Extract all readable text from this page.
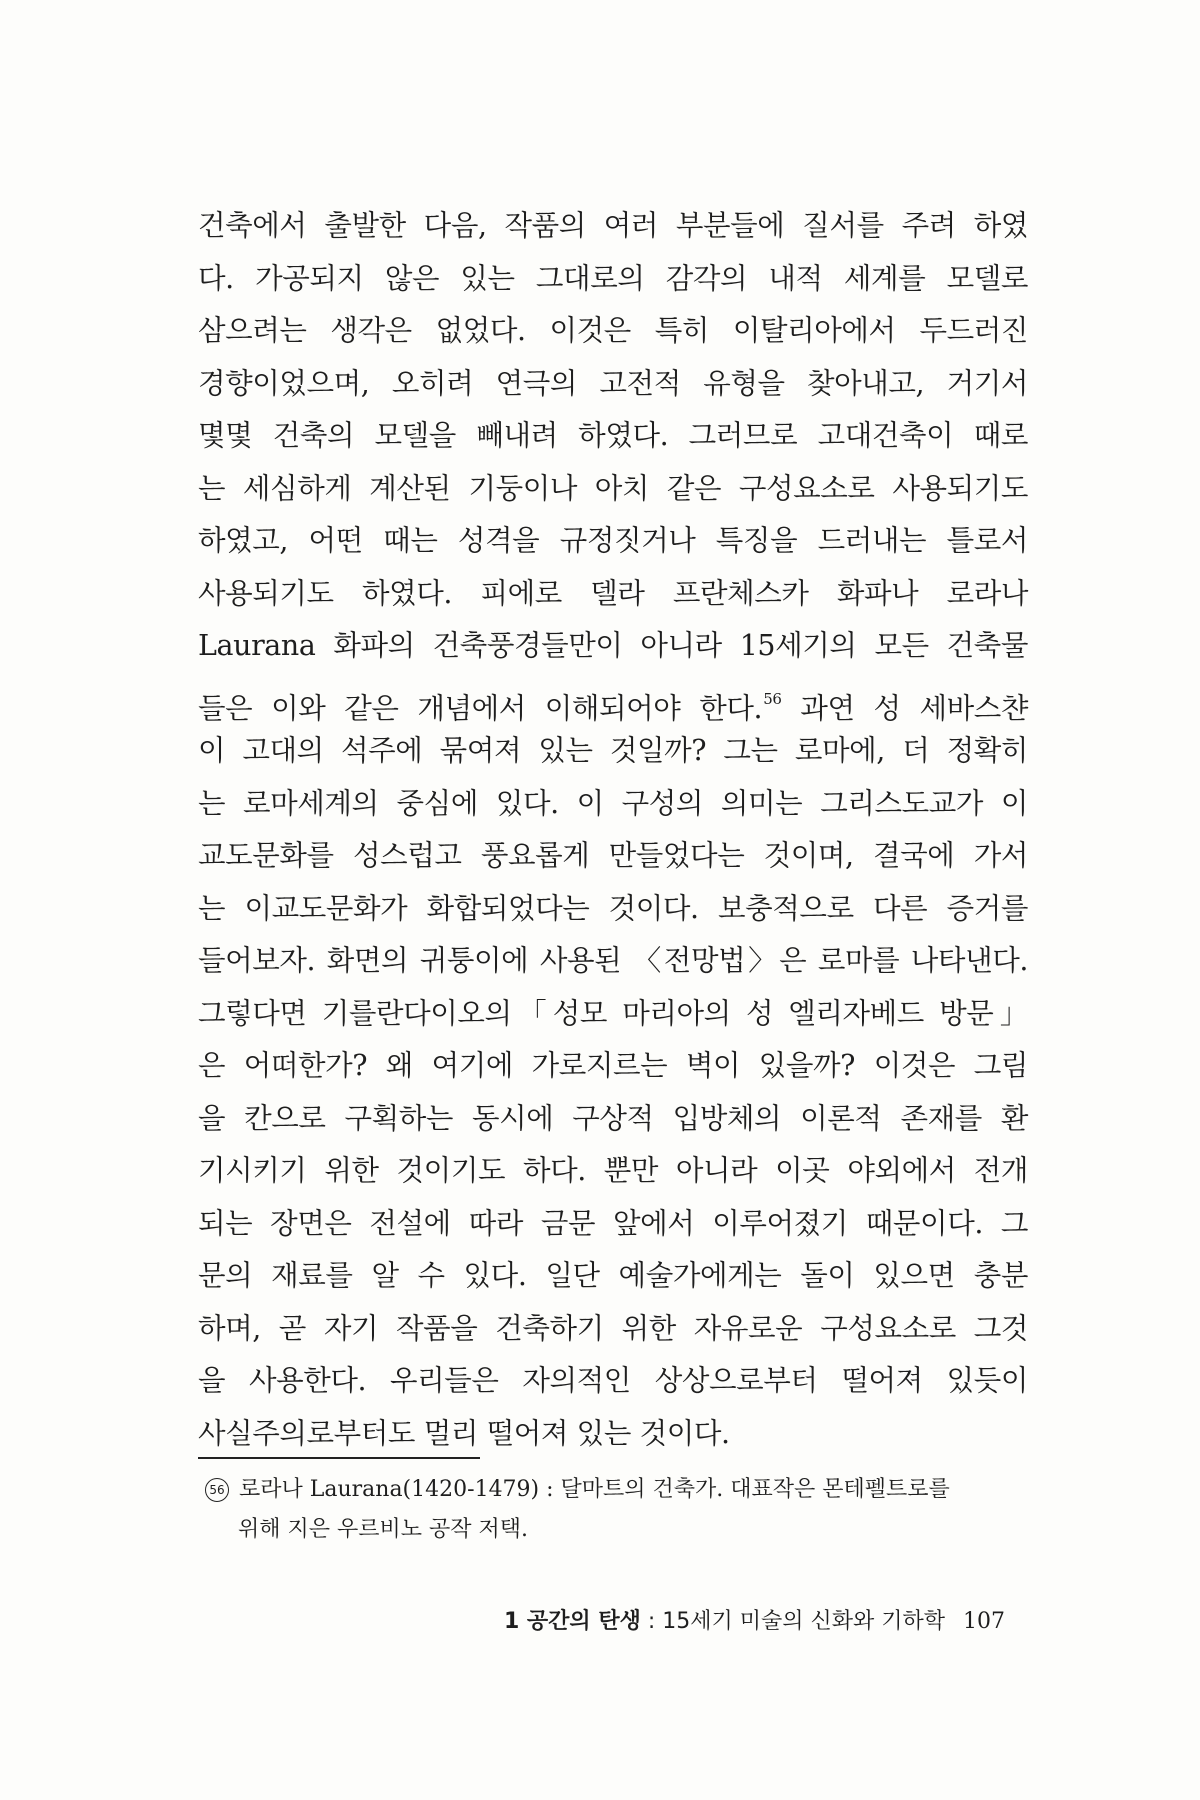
건축에서 출발한 다음, 작품의 여러 부분들에 질서를 주려 하였
다. 가공되지 않은 있는 그대로의 감각의 내적 세계를 모델로
삼으려는 생각은 없었다. 이것은 특히 이탈리아에서 두드러진
경향이었으며, 오히려 연극의 고전적 유형을 찾아내고, 거기서
몇몇 건축의 모델을 빼내려 하였다. 그러므로 고대건축이 때로
는 세심하게 계산된 기둥이나 아치 같은 구성요소로 사용되기도
하였고, 어떤 때는 성격을 규정짓거나 특징을 드러내는 틀로서
사용되기도 하였다. 피에로 델라 프란체스카 화파나 로라나
Laurana 화파의 건축풍경들만이 아니라 15세기의 모든 건축물
들은 이와 같은 개념에서 이해되어야 한다.$^{56}$ 과연 성 세바스챤
이 고대의 석주에 묶여져 있는 것일까? 그는 로마에, 더 정확히
는 로마세계의 중심에 있다. 이 구성의 의미는 그리스도교가 이
교도문화를 성스럽고 풍요롭게 만들었다는 것이며, 결국에 가서
는 이교도문화가 화합되었다는 것이다. 보충적으로 다른 증거를
들어보자. 화면의 귀퉁이에 사용된 〈전망법〉은 로마를 나타낸다.
그렇다면 기를란다이오의「성모 마리아의 성 엘리자베드 방문」
은 어떠한가? 왜 여기에 가로지르는 벽이 있을까? 이것은 그림
을 칸으로 구획하는 동시에 구상적 입방체의 이론적 존재를 환
기시키기 위한 것이기도 하다. 뿐만 아니라 이곳 야외에서 전개
되는 장면은 전설에 따라 금문 앞에서 이루어졌기 때문이다. 그
문의 재료를 알 수 있다. 일단 예술가에게는 돌이 있으면 충분
하며, 곧 자기 작품을 건축하기 위한 자유로운 구성요소로 그것
을 사용한다. 우리들은 자의적인 상상으로부터 떨어져 있듯이
사실주의로부터도 멀리 떨어져 있는 것이다.
56 로라나 Laurana(1420-1479) : 달마트의 건축가. 대표작은 몬테펠트로를
위해 지은 우르비노 공작 저택.
1 공간의 탄생 : 15세기 미술의 신화와 기하학 107
